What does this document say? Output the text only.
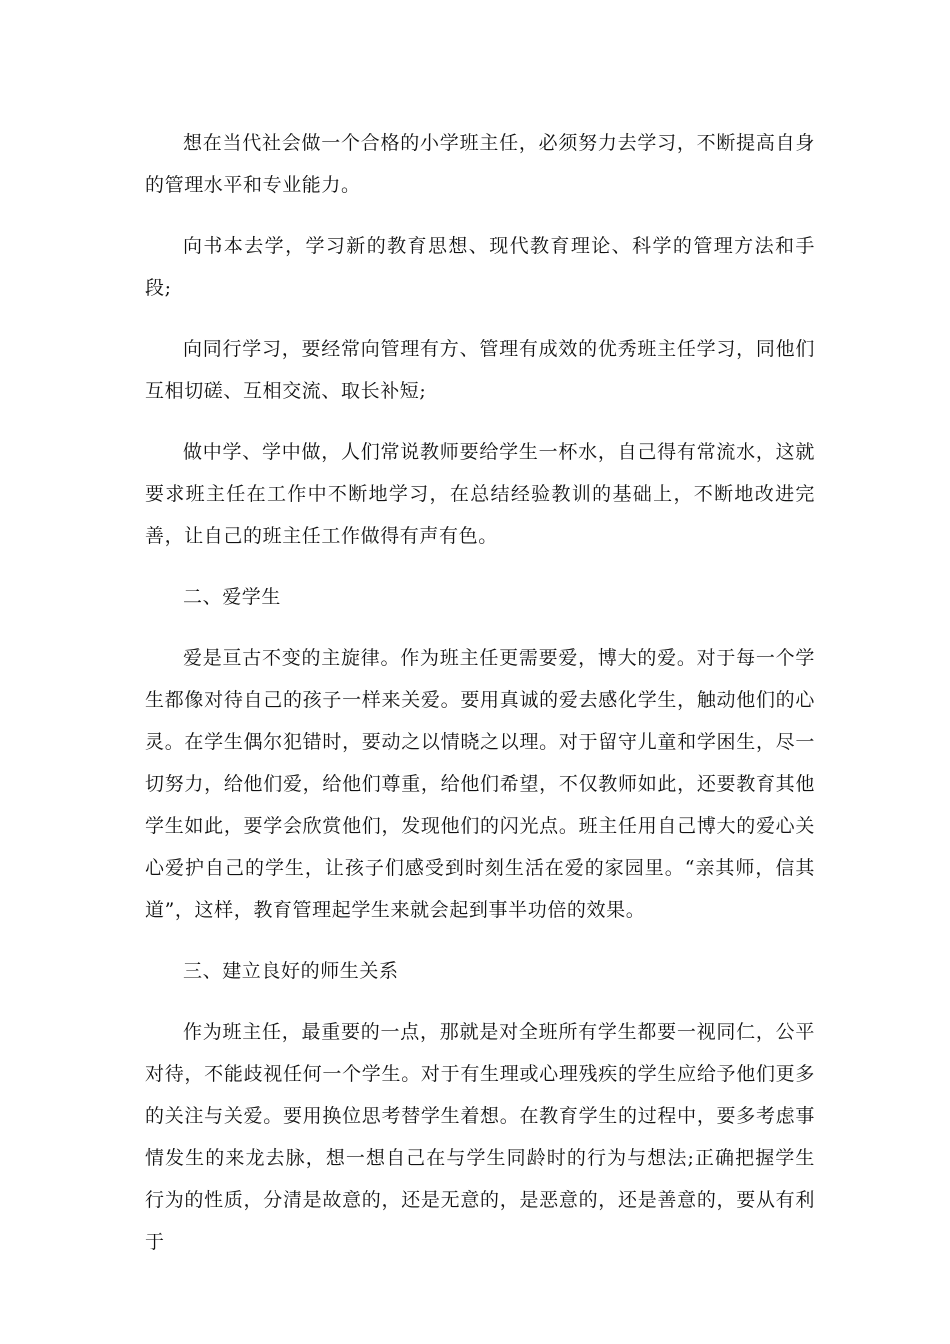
想在当代社会做一个合格的小学班主任，必须努力去学习，不断提高自身的管理水平和专业能力。

向书本去学，学习新的教育思想、现代教育理论、科学的管理方法和手段;

向同行学习，要经常向管理有方、管理有成效的优秀班主任学习，同他们互相切磋、互相交流、取长补短;

做中学、学中做，人们常说教师要给学生一杯水，自己得有常流水，这就要求班主任在工作中不断地学习，在总结经验教训的基础上，不断地改进完善，让自己的班主任工作做得有声有色。

二、爱学生

爱是亘古不变的主旋律。作为班主任更需要爱，博大的爱。对于每一个学生都像对待自己的孩子一样来关爱。要用真诚的爱去感化学生，触动他们的心灵。在学生偶尔犯错时，要动之以情晓之以理。对于留守儿童和学困生，尽一切努力，给他们爱，给他们尊重，给他们希望，不仅教师如此，还要教育其他学生如此，要学会欣赏他们，发现他们的闪光点。班主任用自己博大的爱心关心爱护自己的学生，让孩子们感受到时刻生活在爱的家园里。“亲其师，信其道”，这样，教育管理起学生来就会起到事半功倍的效果。

三、建立良好的师生关系

作为班主任，最重要的一点，那就是对全班所有学生都要一视同仁，公平对待，不能歧视任何一个学生。对于有生理或心理残疾的学生应给予他们更多的关注与关爱。要用换位思考替学生着想。在教育学生的过程中，要多考虑事情发生的来龙去脉，想一想自己在与学生同龄时的行为与想法;正确把握学生行为的性质，分清是故意的，还是无意的，是恶意的，还是善意的，要从有利于
